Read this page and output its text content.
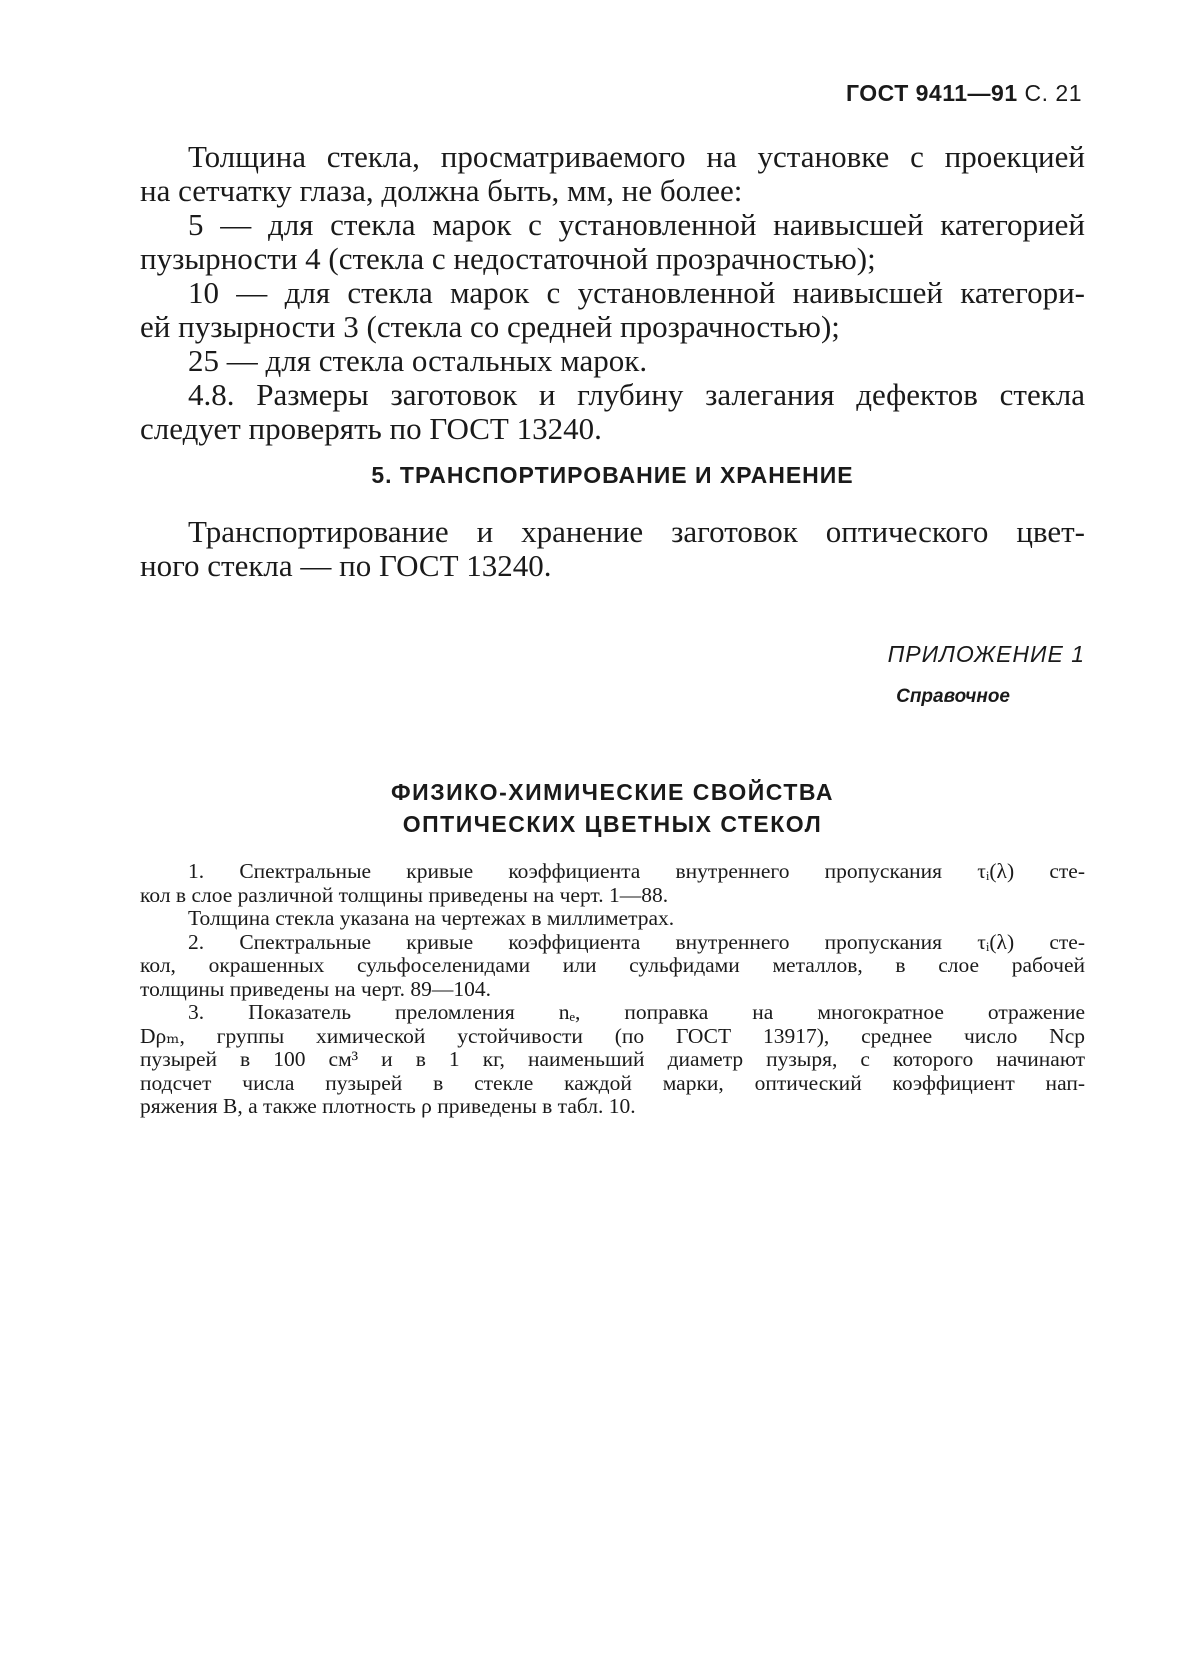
ГОСТ 9411—91 С. 21
Толщина стекла, просматриваемого на установке с проекцией
на сетчатку глаза, должна быть, мм, не более:
5 — для стекла марок с установленной наивысшей категорией
пузырности 4 (стекла с недостаточной прозрачностью);
10 — для стекла марок с установленной наивысшей категори-
ей пузырности 3 (стекла со средней прозрачностью);
25 — для стекла остальных марок.
4.8. Размеры заготовок и глубину залегания дефектов стекла
следует проверять по ГОСТ 13240.
5. ТРАНСПОРТИРОВАНИЕ И ХРАНЕНИЕ
Транспортирование и хранение заготовок оптического цвет-
ного стекла — по ГОСТ 13240.
ПРИЛОЖЕНИЕ 1
Справочное
ФИЗИКО-ХИМИЧЕСКИЕ СВОЙСТВА
ОПТИЧЕСКИХ ЦВЕТНЫХ СТЕКОЛ
1. Спектральные кривые коэффициента внутреннего пропускания τᵢ(λ) сте-
кол в слое различной толщины приведены на черт. 1—88.
Толщина стекла указана на чертежах в миллиметрах.
2. Спектральные кривые коэффициента внутреннего пропускания τᵢ(λ) сте-
кол, окрашенных сульфоселенидами или сульфидами металлов, в слое рабочей
толщины приведены на черт. 89—104.
3. Показатель преломления nₑ, поправка на многократное отражение
Dρₘ, группы химической устойчивости (по ГОСТ 13917), среднее число Nср
пузырей в 100 см³ и в 1 кг, наименьший диаметр пузыря, с которого начинают
подсчет числа пузырей в стекле каждой марки, оптический коэффициент нап-
ряжения B, а также плотность ρ приведены в табл. 10.
